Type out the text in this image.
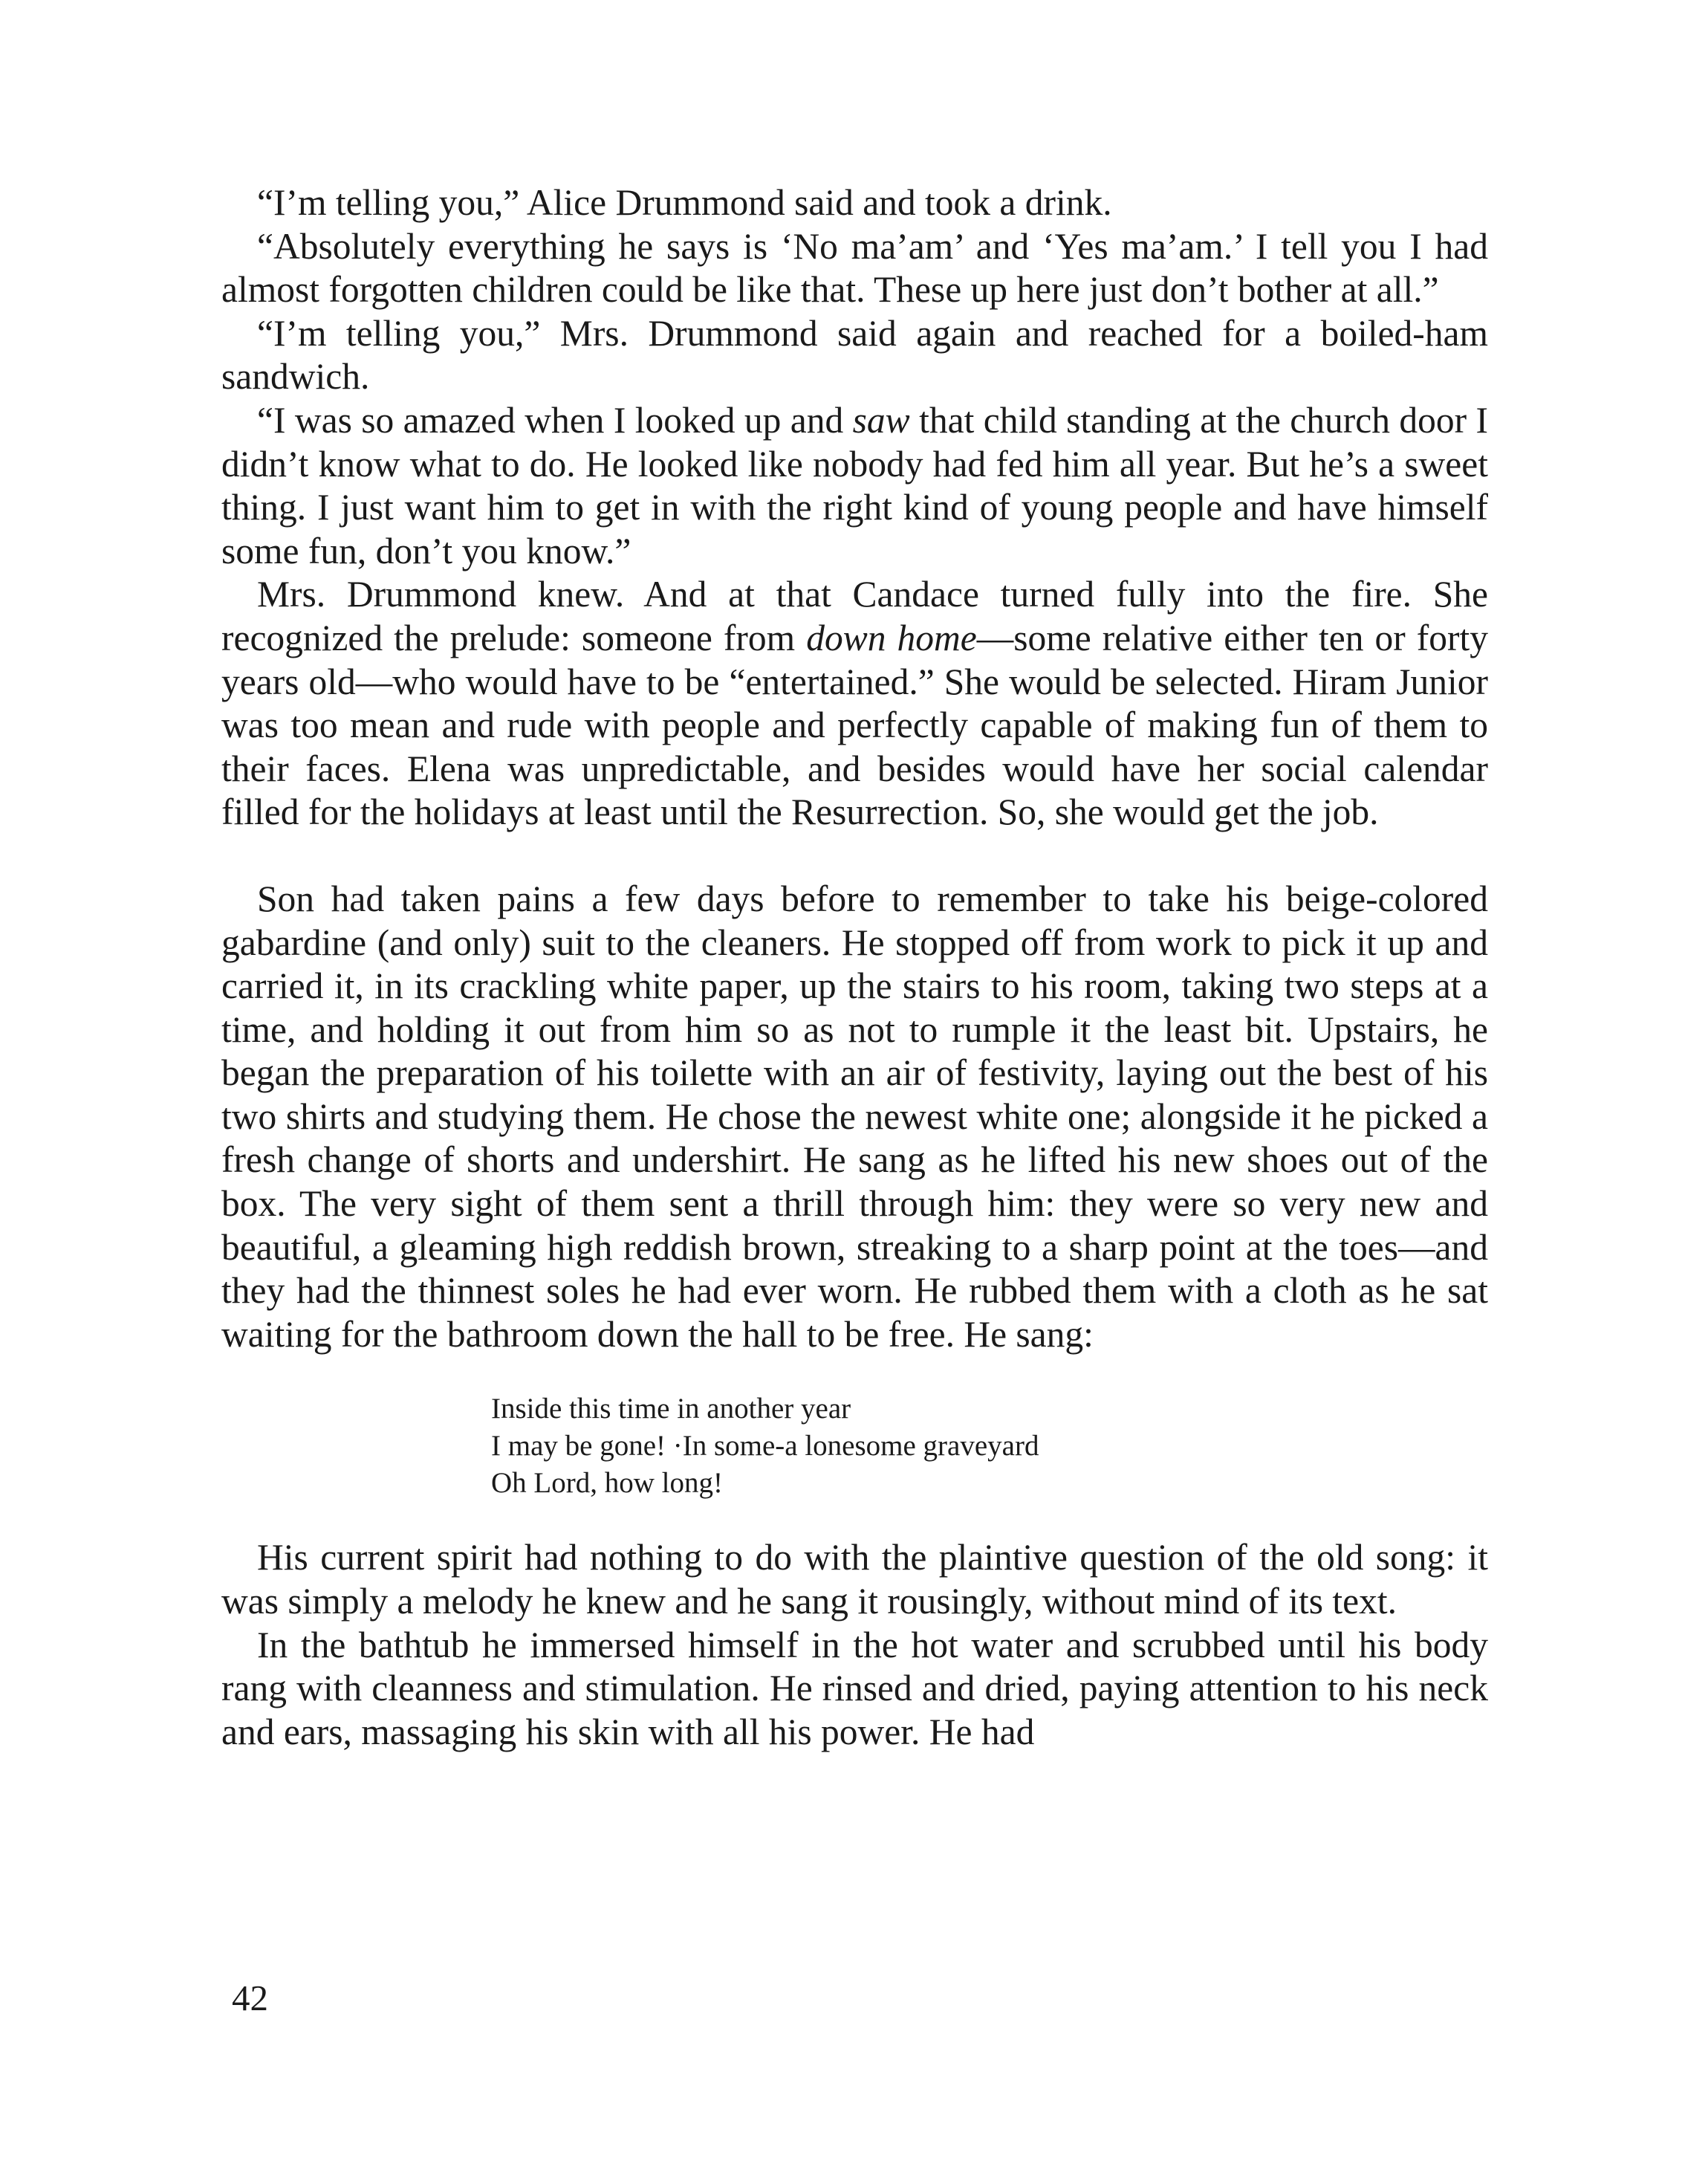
“I’m telling you,” Alice Drummond said and took a drink.

“Absolutely everything he says is ‘No ma’am’ and ‘Yes ma’am.’ I tell you I had almost forgotten children could be like that. These up here just don’t bother at all.”

“I’m telling you,” Mrs. Drummond said again and reached for a boiled-ham sandwich.

“I was so amazed when I looked up and saw that child standing at the church door I didn’t know what to do. He looked like nobody had fed him all year. But he’s a sweet thing. I just want him to get in with the right kind of young people and have himself some fun, don’t you know.”

Mrs. Drummond knew. And at that Candace turned fully into the fire. She recognized the prelude: someone from down home—some relative either ten or forty years old—who would have to be “entertained.” She would be selected. Hiram Junior was too mean and rude with people and perfectly capable of making fun of them to their faces. Elena was unpredictable, and besides would have her social calendar filled for the holidays at least until the Resurrection. So, she would get the job.

Son had taken pains a few days before to remember to take his beige-colored gabardine (and only) suit to the cleaners. He stopped off from work to pick it up and carried it, in its crackling white paper, up the stairs to his room, taking two steps at a time, and holding it out from him so as not to rumple it the least bit. Upstairs, he began the preparation of his toilette with an air of festivity, laying out the best of his two shirts and studying them. He chose the newest white one; alongside it he picked a fresh change of shorts and undershirt. He sang as he lifted his new shoes out of the box. The very sight of them sent a thrill through him: they were so very new and beautiful, a gleaming high reddish brown, streaking to a sharp point at the toes—and they had the thinnest soles he had ever worn. He rubbed them with a cloth as he sat waiting for the bathroom down the hall to be free. He sang:

Inside this time in another year
I may be gone! ·In some-a lonesome graveyard
Oh Lord, how long!

His current spirit had nothing to do with the plaintive question of the old song: it was simply a melody he knew and he sang it rousingly, without mind of its text.

In the bathtub he immersed himself in the hot water and scrubbed until his body rang with cleanness and stimulation. He rinsed and dried, paying attention to his neck and ears, massaging his skin with all his power. He had

42
